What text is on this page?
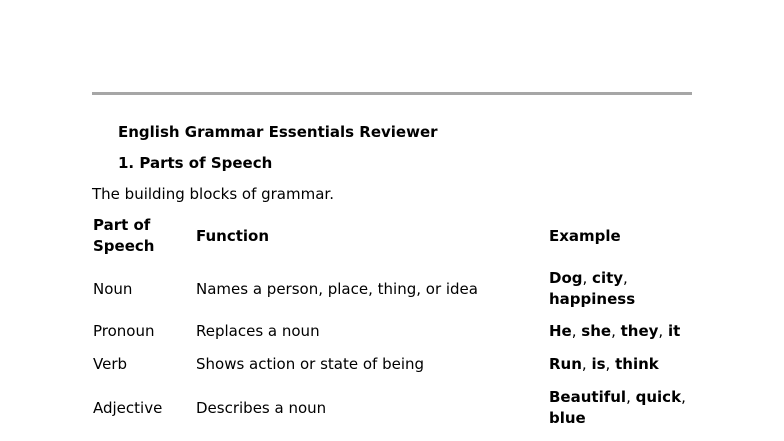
English Grammar Essentials Reviewer
1. Parts of Speech
The building blocks of grammar.
Part of Speech	Function	Example
Noun	Names a person, place, thing, or idea	Dog, city, happiness
Pronoun	Replaces a noun	He, she, they, it
Verb	Shows action or state of being	Run, is, think
Adjective	Describes a noun	Beautiful, quick, blue
